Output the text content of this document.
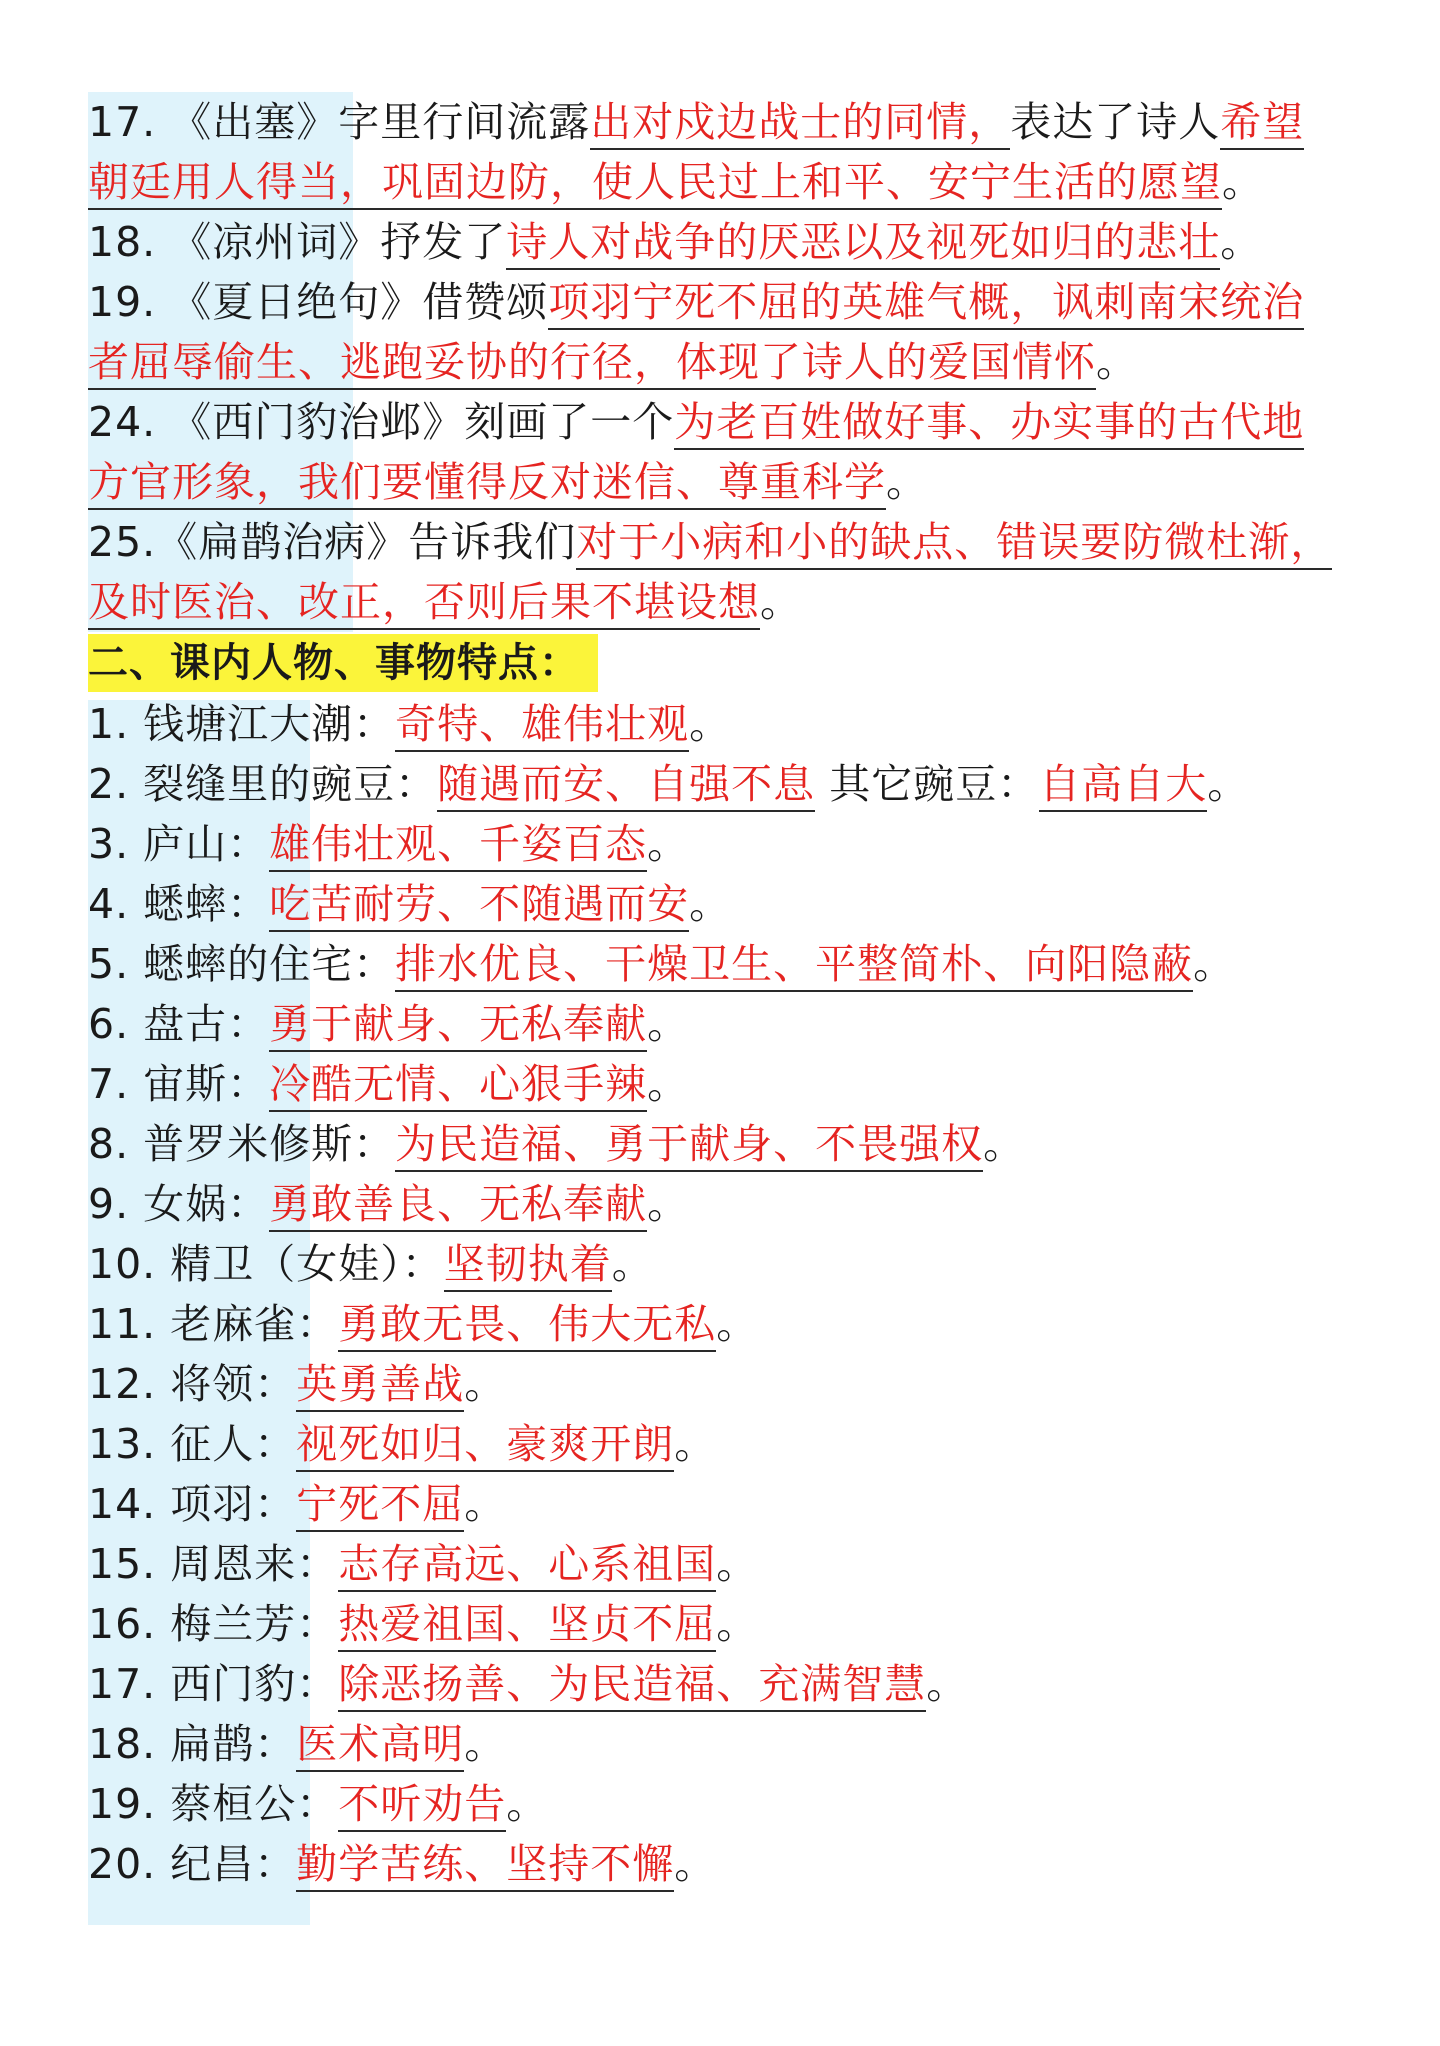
17. 《出塞》字里行间流露出对戍边战士的同情，表达了诗人希望
朝廷用人得当，巩固边防，使人民过上和平、安宁生活的愿望。
18. 《凉州词》抒发了诗人对战争的厌恶以及视死如归的悲壮。
19. 《夏日绝句》借赞颂项羽宁死不屈的英雄气概，讽刺南宋统治
者屈辱偷生、逃跑妥协的行径，体现了诗人的爱国情怀。
24. 《西门豹治邺》刻画了一个为老百姓做好事、办实事的古代地
方官形象，我们要懂得反对迷信、尊重科学。
25.《扁鹊治病》告诉我们对于小病和小的缺点、错误要防微杜渐，
及时医治、改正，否则后果不堪设想。
二、课内人物、事物特点：
1. 钱塘江大潮：奇特、雄伟壮观。
2. 裂缝里的豌豆：随遇而安、自强不息 其它豌豆：自高自大。
3. 庐山：雄伟壮观、千姿百态。
4. 蟋蟀：吃苦耐劳、不随遇而安。
5. 蟋蟀的住宅：排水优良、干燥卫生、平整简朴、向阳隐蔽。
6. 盘古：勇于献身、无私奉献。
7. 宙斯：冷酷无情、心狠手辣。
8. 普罗米修斯：为民造福、勇于献身、不畏强权。
9. 女娲：勇敢善良、无私奉献。
10. 精卫（女娃）：坚韧执着。
11. 老麻雀：勇敢无畏、伟大无私。
12. 将领：英勇善战。
13. 征人：视死如归、豪爽开朗。
14. 项羽：宁死不屈。
15. 周恩来：志存高远、心系祖国。
16. 梅兰芳：热爱祖国、坚贞不屈。
17. 西门豹：除恶扬善、为民造福、充满智慧。
18. 扁鹊：医术高明。
19. 蔡桓公：不听劝告。
20. 纪昌：勤学苦练、坚持不懈。
